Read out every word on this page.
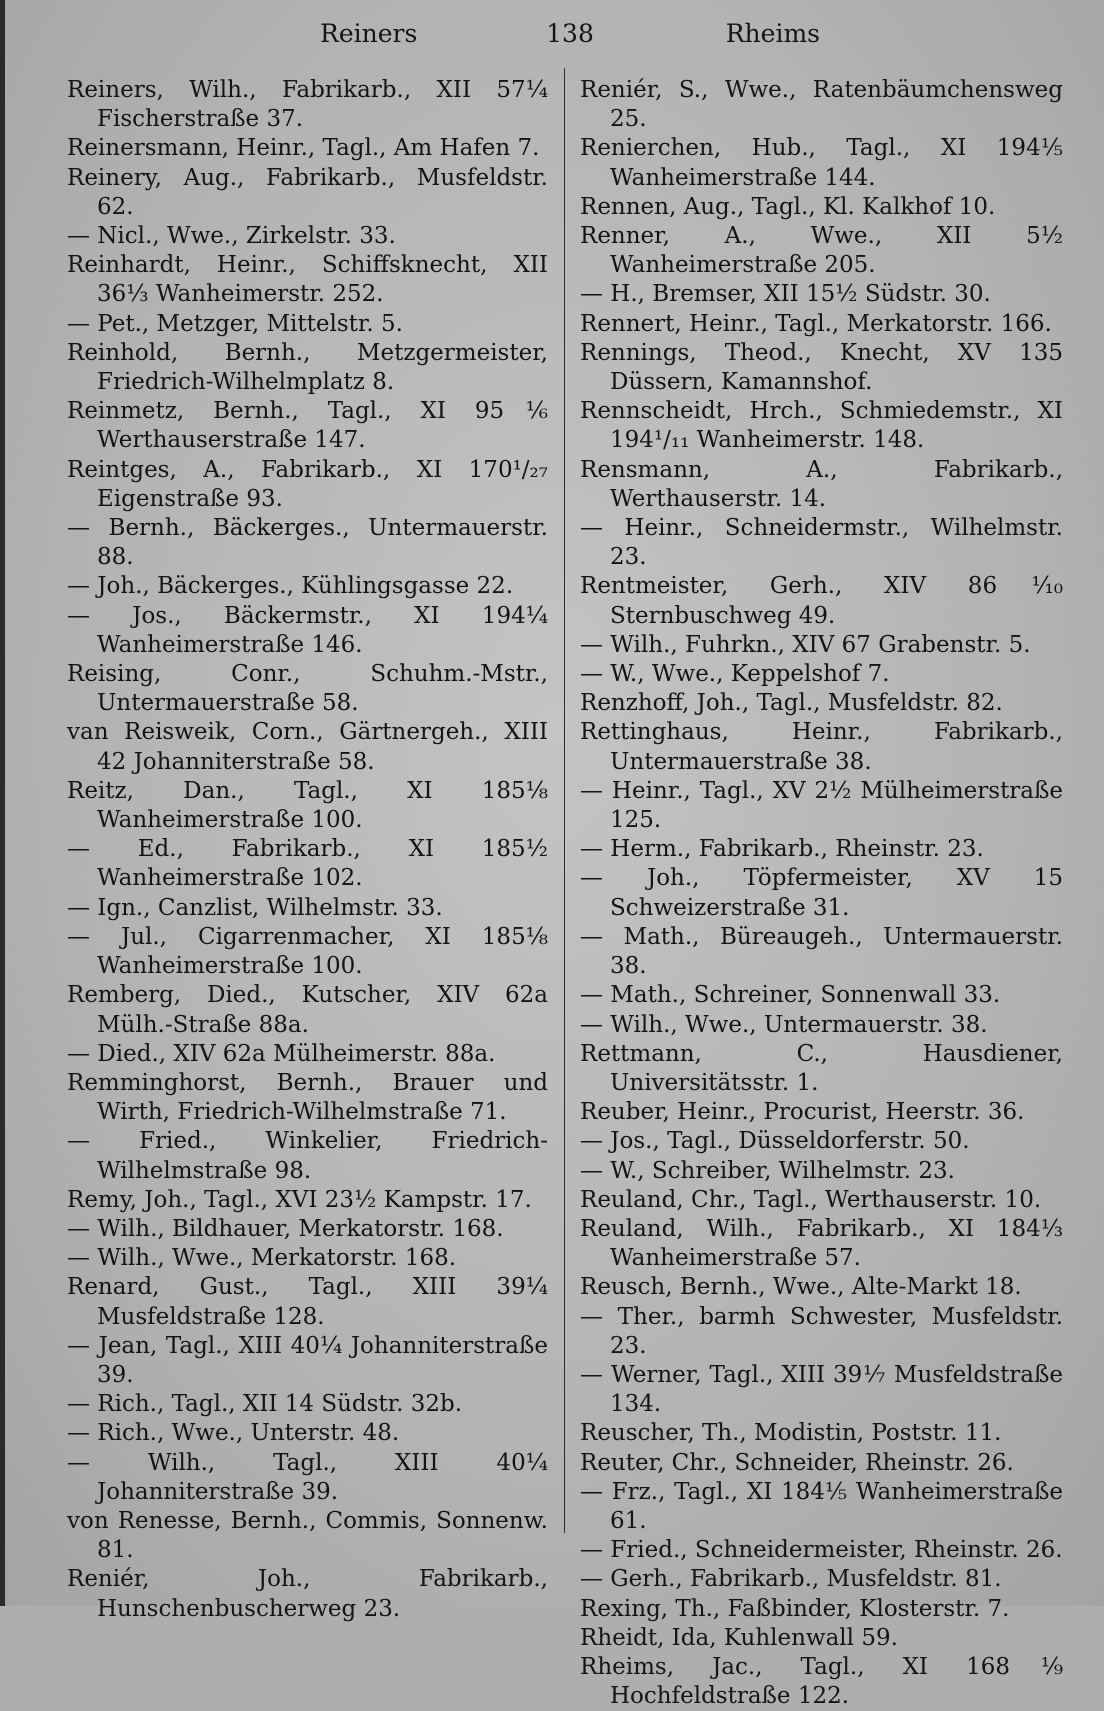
Reiners	138	Rheims

Reiners, Wilh., Fabrikarb., XII 57¼ Fischerstraße 37.

Reinersmann, Heinr., Tagl., Am Hafen 7.

Reinery, Aug., Fabrikarb., Musfeldstr. 62.

— Nicl., Wwe., Zirkelstr. 33.

Reinhardt, Heinr., Schiffsknecht, XII 36⅓ Wanheimerstr. 252.

— Pet., Metzger, Mittelstr. 5.

Reinhold, Bernh., Metzgermeister, Friedrich-Wilhelmplatz 8.

Reinmetz, Bernh., Tagl., XI 95⅙ Werthauserstraße 147.

Reintges, A., Fabrikarb., XI 170¹/₂₇ Eigenstraße 93.

— Bernh., Bäckerges., Untermauerstr. 88.

— Joh., Bäckerges., Kühlingsgasse 22.

— Jos., Bäckermstr., XI 194¼ Wanheimerstraße 146.

Reising, Conr., Schuhm.-Mstr., Untermauerstraße 58.

van Reisweik, Corn., Gärtnergeh., XIII 42 Johanniterstraße 58.

Reitz, Dan., Tagl., XI 185⅛ Wanheimerstraße 100.

— Ed., Fabrikarb., XI 185½ Wanheimerstraße 102.

— Ign., Canzlist, Wilhelmstr. 33.

— Jul., Cigarrenmacher, XI 185⅛ Wanheimerstraße 100.

Remberg, Died., Kutscher, XIV 62a Mülh.-Straße 88a.

— Died., XIV 62a Mülheimerstr. 88a.

Remminghorst, Bernh., Brauer und Wirth, Friedrich-Wilhelmstraße 71.

— Fried., Winkelier, Friedrich-Wilhelmstraße 98.

Remy, Joh., Tagl., XVI 23½ Kampstr. 17.

— Wilh., Bildhauer, Merkatorstr. 168.

— Wilh., Wwe., Merkatorstr. 168.

Renard, Gust., Tagl., XIII 39¼ Musfeldstraße 128.

— Jean, Tagl., XIII 40¼ Johanniterstraße 39.

— Rich., Tagl., XII 14 Südstr. 32b.

— Rich., Wwe., Unterstr. 48.

— Wilh., Tagl., XIII 40¼ Johanniterstraße 39.

von Renesse, Bernh., Commis, Sonnenw. 81.

Reniér, Joh., Fabrikarb., Hunschenbuscherweg 23.

Reniér, S., Wwe., Ratenbäumchensweg 25.

Renierchen, Hub., Tagl., XI 194⅕ Wanheimerstraße 144.

Rennen, Aug., Tagl., Kl. Kalkhof 10.

Renner, A., Wwe., XII 5½ Wanheimerstraße 205.

— H., Bremser, XII 15½ Südstr. 30.

Rennert, Heinr., Tagl., Merkatorstr. 166.

Rennings, Theod., Knecht, XV 135 Düssern, Kamannshof.

Rennscheidt, Hrch., Schmiedemstr., XI 194¹/₁₁ Wanheimerstr. 148.

Rensmann, A., Fabrikarb., Werthauserstr. 14.

— Heinr., Schneidermstr., Wilhelmstr. 23.

Rentmeister, Gerh., XIV 86⅒ Sternbuschweg 49.

— Wilh., Fuhrkn., XIV 67 Grabenstr. 5.

— W., Wwe., Keppelshof 7.

Renzhoff, Joh., Tagl., Musfeldstr. 82.

Rettinghaus, Heinr., Fabrikarb., Untermauerstraße 38.

— Heinr., Tagl., XV 2½ Mülheimerstraße 125.

— Herm., Fabrikarb., Rheinstr. 23.

— Joh., Töpfermeister, XV 15 Schweizerstraße 31.

— Math., Büreaugeh., Untermauerstr. 38.

— Math., Schreiner, Sonnenwall 33.

— Wilh., Wwe., Untermauerstr. 38.

Rettmann, C., Hausdiener, Universitätsstr. 1.

Reuber, Heinr., Procurist, Heerstr. 36.

— Jos., Tagl., Düsseldorferstr. 50.

— W., Schreiber, Wilhelmstr. 23.

Reuland, Chr., Tagl., Werthauserstr. 10.

Reuland, Wilh., Fabrikarb., XI 184⅓ Wanheimerstraße 57.

Reusch, Bernh., Wwe., Alte-Markt 18.

— Ther., barmh Schwester, Musfeldstr. 23.

— Werner, Tagl., XIII 39⅐ Musfeldstraße 134.

Reuscher, Th., Modistin, Poststr. 11.

Reuter, Chr., Schneider, Rheinstr. 26.

— Frz., Tagl., XI 184⅕ Wanheimerstraße 61.

— Fried., Schneidermeister, Rheinstr. 26.

— Gerh., Fabrikarb., Musfeldstr. 81.

Rexing, Th., Faßbinder, Klosterstr. 7.

Rheidt, Ida, Kuhlenwall 59.

Rheims, Jac., Tagl., XI 168⅑ Hochfeldstraße 122.
